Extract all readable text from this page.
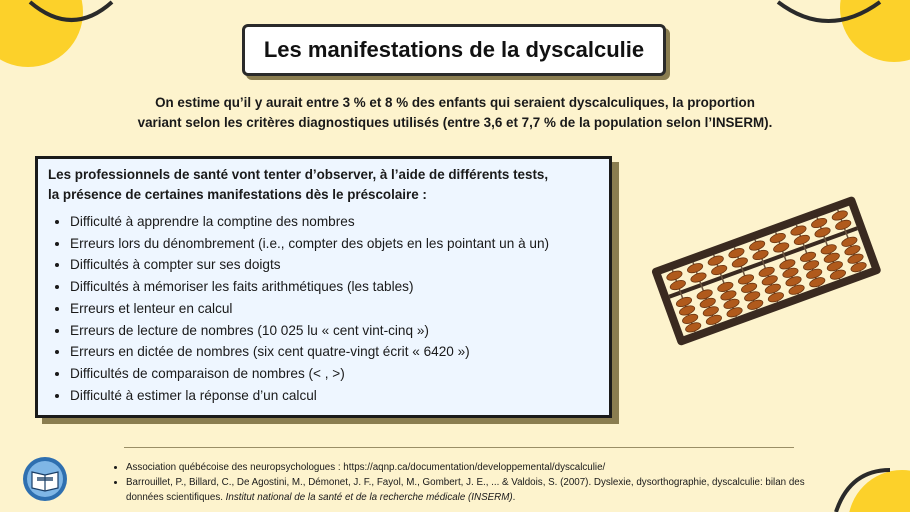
Les manifestations de la dyscalculie

On estime qu’il y aurait entre 3 % et 8 % des enfants qui seraient dyscalculiques, la proportion

variant selon les critères diagnostiques utilisés (entre 3,6 et 7,7 % de la population selon l’INSERM).

Les professionnels de santé vont tenter d’observer, à l’aide de différents tests,
la présence de certaines manifestations dès le préscolaire :

• Difficulté à apprendre la comptine des nombres
• Erreurs lors du dénombrement (i.e., compter des objets en les pointant un à un)
• Difficultés à compter sur ses doigts
• Difficultés à mémoriser les faits arithmétiques (les tables)
• Erreurs et lenteur en calcul
• Erreurs de lecture de nombres (10 025 lu « cent vint-cinq »)
• Erreurs en dictée de nombres (six cent quatre-vingt écrit « 6420 »)
• Difficultés de comparaison de nombres (< , >)
• Difficulté à estimer la réponse d’un calcul
• Association québécoise des neuropsychologues : https://aqnp.ca/documentation/developpemental/dyscalculie/
• Barrouillet, P., Billard, C., De Agostini, M., Démonet, J. F., Fayol, M., Gombert, J. E., ... & Valdois, S. (2007). Dyslexie, dysorthographie, dyscalculie: bilan des données scientifiques. Institut national de la santé et de la recherche médicale (INSERM).
